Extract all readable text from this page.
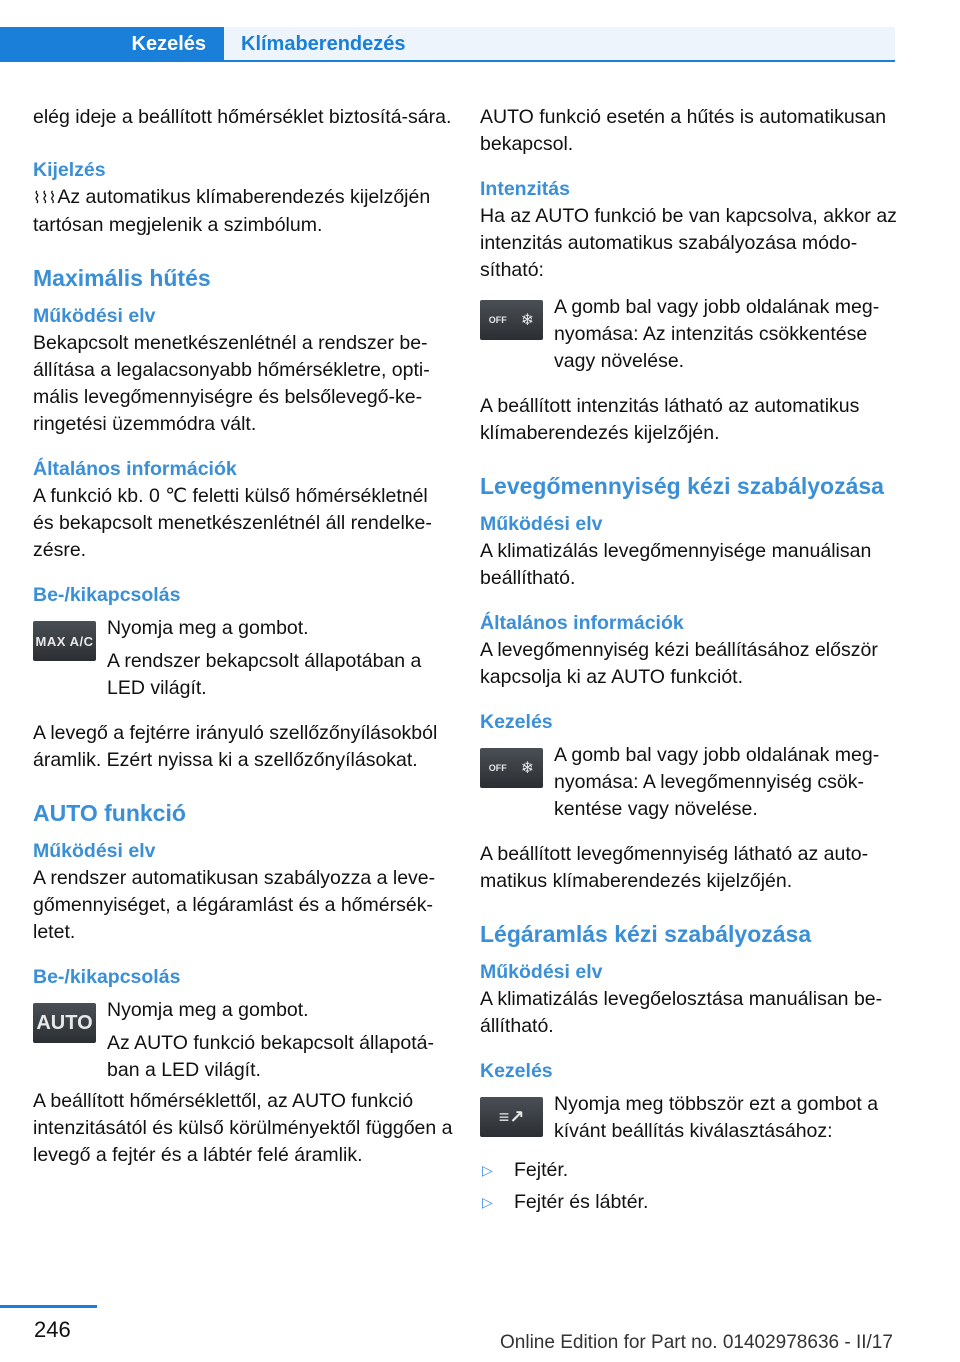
Kezelés	Klímaberendezés

elég ideje a beállított hőmérséklet biztosítá-sára.

Kijelzés

⌇⌇⌇ Az automatikus klímaberendezés kijelzőjén tartósan megjelenik a szimbólum.

Maximális hűtés
Működési elv

Bekapcsolt menetkészenlétnél a rendszer be-állítása a legalacsonyabb hőmérsékletre, opti-mális levegőmennyiségre és belsőlevegő-ke-ringetési üzemmódra vált.

Általános információk

A funkció kb. 0 ℃ feletti külső hőmérsékletnél és bekapcsolt menetkészenlétnél áll rendelke-zésre.

Be-/kikapcsolás
MAX A/C

Nyomja meg a gombot.

A rendszer bekapcsolt állapotában a LED világít.

A levegő a fejtérre irányuló szellőzőnyílásokból áramlik. Ezért nyissa ki a szellőzőnyílásokat.

AUTO funkció
Működési elv

A rendszer automatikusan szabályozza a leve-gőmennyiséget, a légáramlást és a hőmérsék-letet.

Be-/kikapcsolás
AUTO

Nyomja meg a gombot.

Az AUTO funkció bekapcsolt állapotá-ban a LED világít.

A beállított hőmérséklettől, az AUTO funkció intenzitásától és külső körülményektől függően a levegő a fejtér és a lábtér felé áramlik.

AUTO funkció esetén a hűtés is automatikusan bekapcsol.

Intenzitás

Ha az AUTO funkció be van kapcsolva, akkor az intenzitás automatikus szabályozása módo-sítható:

OFF ❄

A gomb bal vagy jobb oldalának meg-nyomása: Az intenzitás csökkentése vagy növelése.

A beállított intenzitás látható az automatikus klímaberendezés kijelzőjén.

Levegőmennyiség kézi szabályozása
Működési elv

A klimatizálás levegőmennyisége manuálisan beállítható.

Általános információk

A levegőmennyiség kézi beállításához először kapcsolja ki az AUTO funkciót.

Kezelés
OFF ❄

A gomb bal vagy jobb oldalának meg-nyomása: A levegőmennyiség csök-kentése vagy növelése.

A beállított levegőmennyiség látható az auto-matikus klímaberendezés kijelzőjén.

Légáramlás kézi szabályozása
Működési elv

A klimatizálás levegőelosztása manuálisan be-állítható.

Kezelés
≡↗

Nyomja meg többször ezt a gombot a kívánt beállítás kiválasztásához:

▷	Fejtér.
▷	Fejtér és lábtér.
246
Online Edition for Part no. 01402978636 - II/17
